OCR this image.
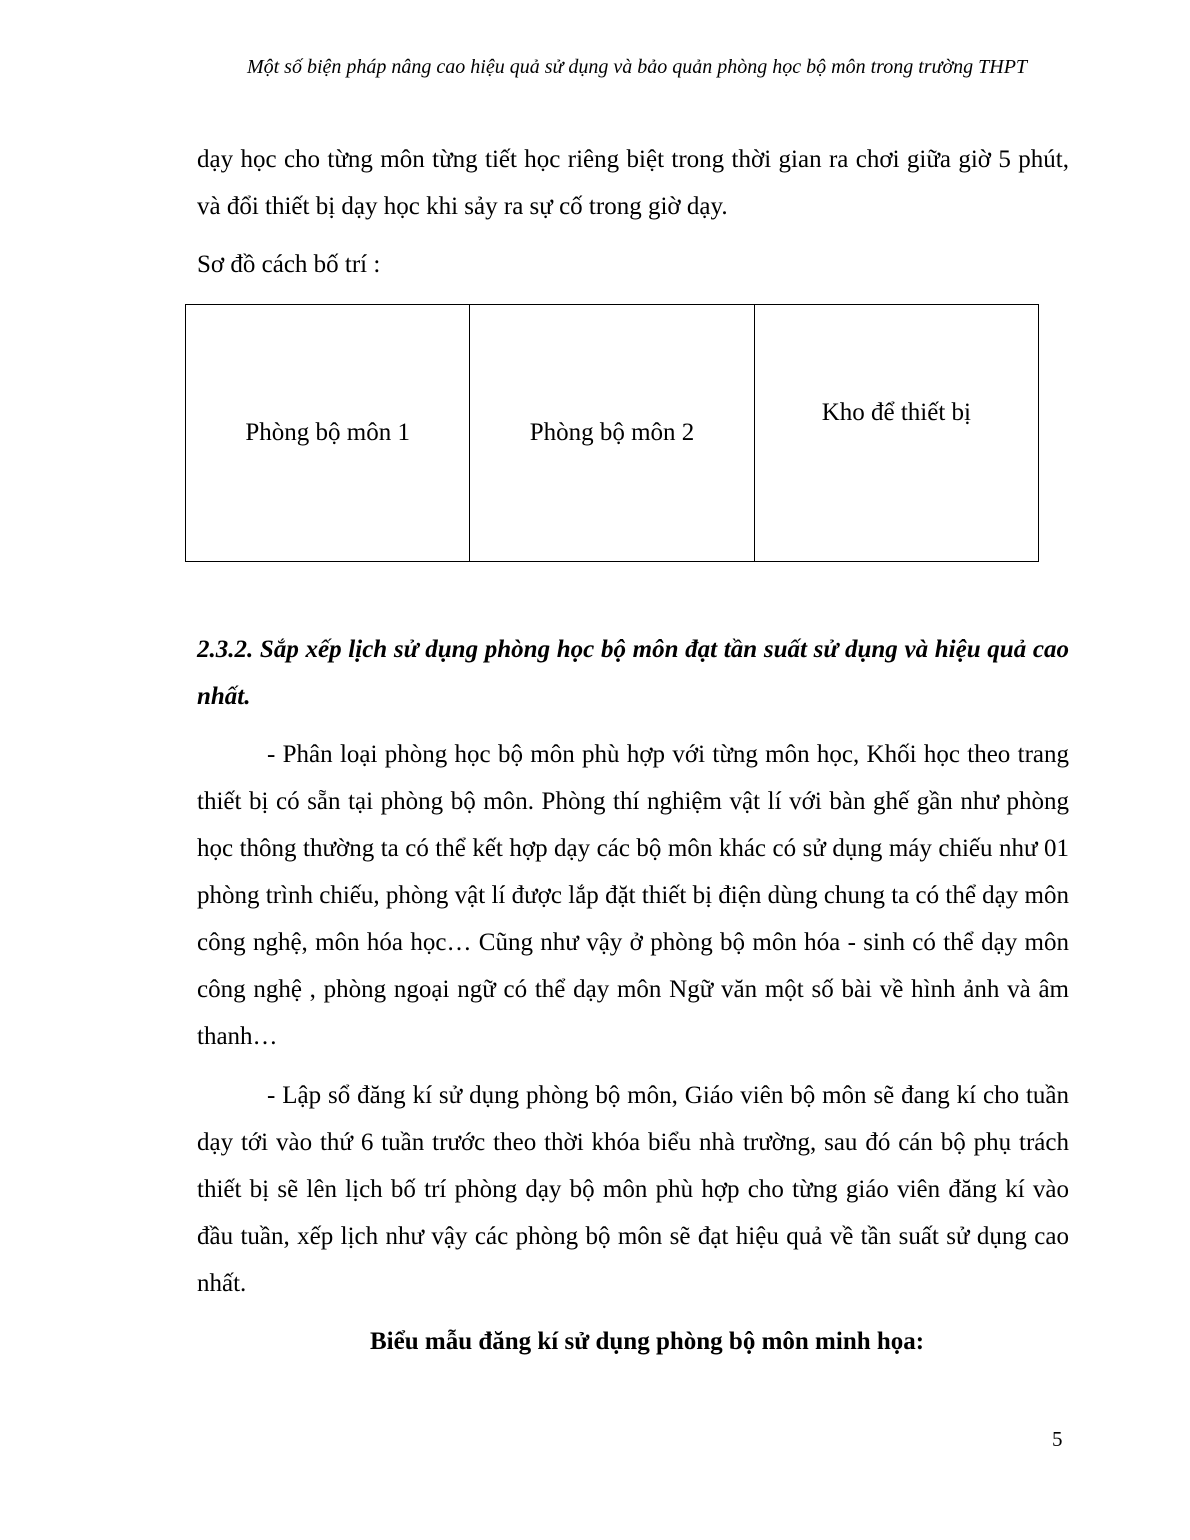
Một số biện pháp nâng cao hiệu quả sử dụng và bảo quản phòng học bộ môn trong trường THPT

dạy học cho từng môn từng tiết học riêng biệt trong thời gian ra chơi giữa giờ 5 phút, và đổi thiết bị dạy học khi sảy ra sự cố trong giờ dạy.

Sơ đồ cách bố trí :

Phòng bộ môn 1	Phòng bộ môn 2	Kho để thiết bị

2.3.2. Sắp xếp lịch sử dụng phòng học bộ môn đạt tần suất sử dụng và hiệu quả cao nhất.

- Phân loại phòng học bộ môn phù hợp với từng môn học, Khối học theo trang thiết bị có sẵn tại phòng bộ môn. Phòng thí nghiệm vật lí với bàn ghế gần như phòng học thông thường ta có thể kết hợp dạy các bộ môn khác có sử dụng máy chiếu như 01 phòng trình chiếu, phòng vật lí được lắp đặt thiết bị điện dùng chung ta có thể dạy môn công nghệ, môn hóa học… Cũng như vậy ở phòng bộ môn hóa - sinh có thể dạy môn công nghệ , phòng ngoại ngữ có thể dạy môn Ngữ văn một số bài về hình ảnh và âm thanh…

- Lập sổ đăng kí sử dụng phòng bộ môn, Giáo viên bộ môn sẽ đang kí cho tuần dạy tới vào thứ 6 tuần trước theo thời khóa biểu nhà trường, sau đó cán bộ phụ trách thiết bị sẽ lên lịch bố trí phòng dạy bộ môn phù hợp cho từng giáo viên đăng kí vào đầu tuần, xếp lịch như vậy các phòng bộ môn sẽ đạt hiệu quả về tần suất sử dụng cao nhất.

Biểu mẫu đăng kí sử dụng phòng bộ môn minh họa:

5
